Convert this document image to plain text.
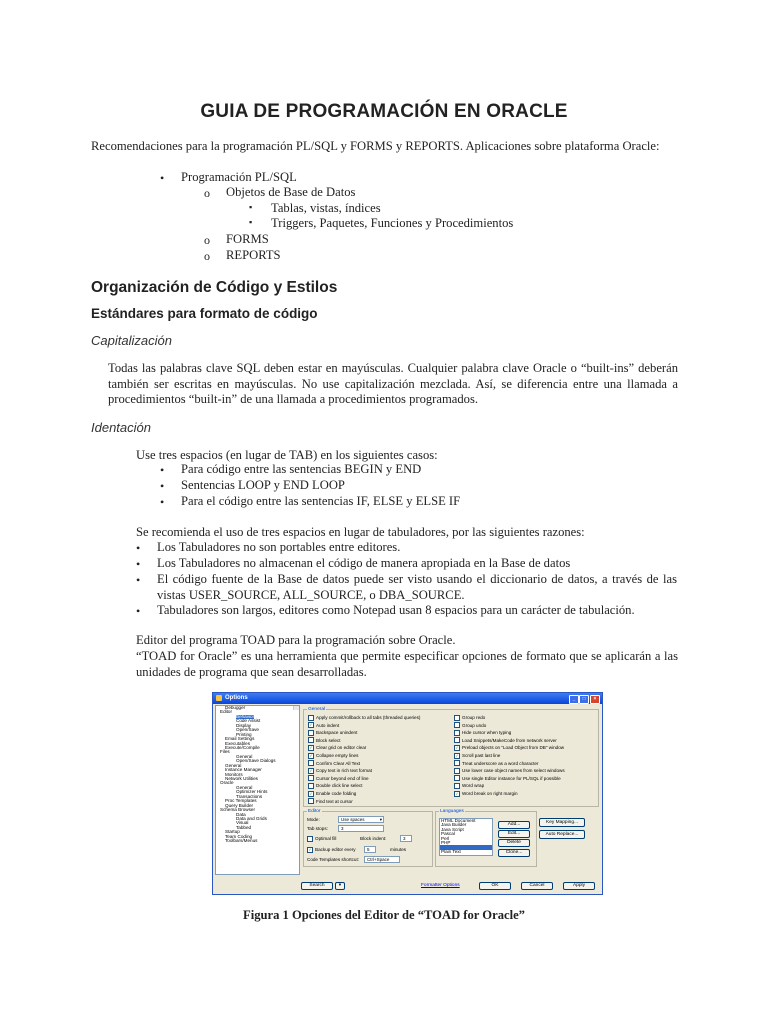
GUIA DE PROGRAMACIÓN EN ORACLE
Recomendaciones para la programación PL/SQL y FORMS y REPORTS. Aplicaciones sobre plataforma Oracle:
• Programación PL/SQL
o Objetos de Base de Datos
▪ Tablas, vistas, índices
▪ Triggers, Paquetes, Funciones y Procedimientos
o FORMS
o REPORTS
Organización de Código y Estilos
Estándares para formato de código
Capitalización
Todas las palabras clave SQL deben estar en mayúsculas. Cualquier palabra clave Oracle o “built-ins” deberán también ser escritas en mayúsculas. No use capitalización mezclada. Así, se diferencia entre una llamada a procedimientos “built-in” de una llamada a procedimientos programados.
Identación
Use tres espacios (en lugar de TAB) en los siguientes casos:
• Para código entre las sentencias BEGIN y END
• Sentencias LOOP y END LOOP
• Para el código entre las sentencias IF, ELSE y ELSE IF
Se recomienda el uso de tres espacios en lugar de tabuladores, por las siguientes razones:
• Los Tabuladores no son portables entre editores.
• Los Tabuladores no almacenan el código de manera apropiada en la Base de datos
• El código fuente de la Base de datos puede ser visto usando el diccionario de datos, a través de las vistas USER_SOURCE, ALL_SOURCE, o DBA_SOURCE.
• Tabuladores son largos, editores como Notepad usan 8 espacios para un carácter de tabulación.
Editor del programa TOAD para la programación sobre Oracle.
“TOAD for Oracle” es una herramienta que permite especificar opciones de formato que se aplicarán a las unidades de programa que sean desarrolladas.
Options	_	□	×
Debugger
Editor
Behavior
Code Assist
Display
Open/Save
Printing
Email Settings
Executables
Execute/Compile
Files
General
Open/Save Dialogs
General
Instance Manager
Monitors
Network Utilities
Oracle
General
Optimizer Hints
Transactions
Proc Templates
Query Builder
Schema Browser
Data
Data and Grids
Visual
Tabbed
Startup
Team Coding
Toolbars/Menus
General
Apply commit/rollback to all tabs (threaded queries)
✓ Auto indent
Backspace unindent
Block select
✓ Clear grid on editor clear
✓ Collapse empty lines
Confirm Clear All Text
✓ Copy text in rich text format
Cursor beyond end of line
Double click line select
✓ Enable code folding
Find text at cursor
Group redo
Group undo
Hide cursor when typing
Load Snippets/MakeCode from network server
✓ Preload objects on "Load Object from DB" window
✓ Scroll past last line
Treat underscore as a word character
Use lower case object names from select windows
Use single Editor instance for PL/SQL if possible
Word wrap
✓ Word break on right margin
Editor
Mode:	Use spaces	▾
Tab stops:	3
Optimal fill	Block indent:	3
✓ Backup editor every	5	minutes
Code Templates shortcut:	Ctrl+Space
Languages
HTML Document
Java Builder
Java Script
Pascal
Perl
PHP
PL/SQL
Plain Text
Add...
Edit...
Delete
Clone...
Key Mapping...
Auto Replace...
Search	▾	Formatter Options	OK	Cancel	Apply
Figura 1 Opciones del Editor de “TOAD for Oracle”
